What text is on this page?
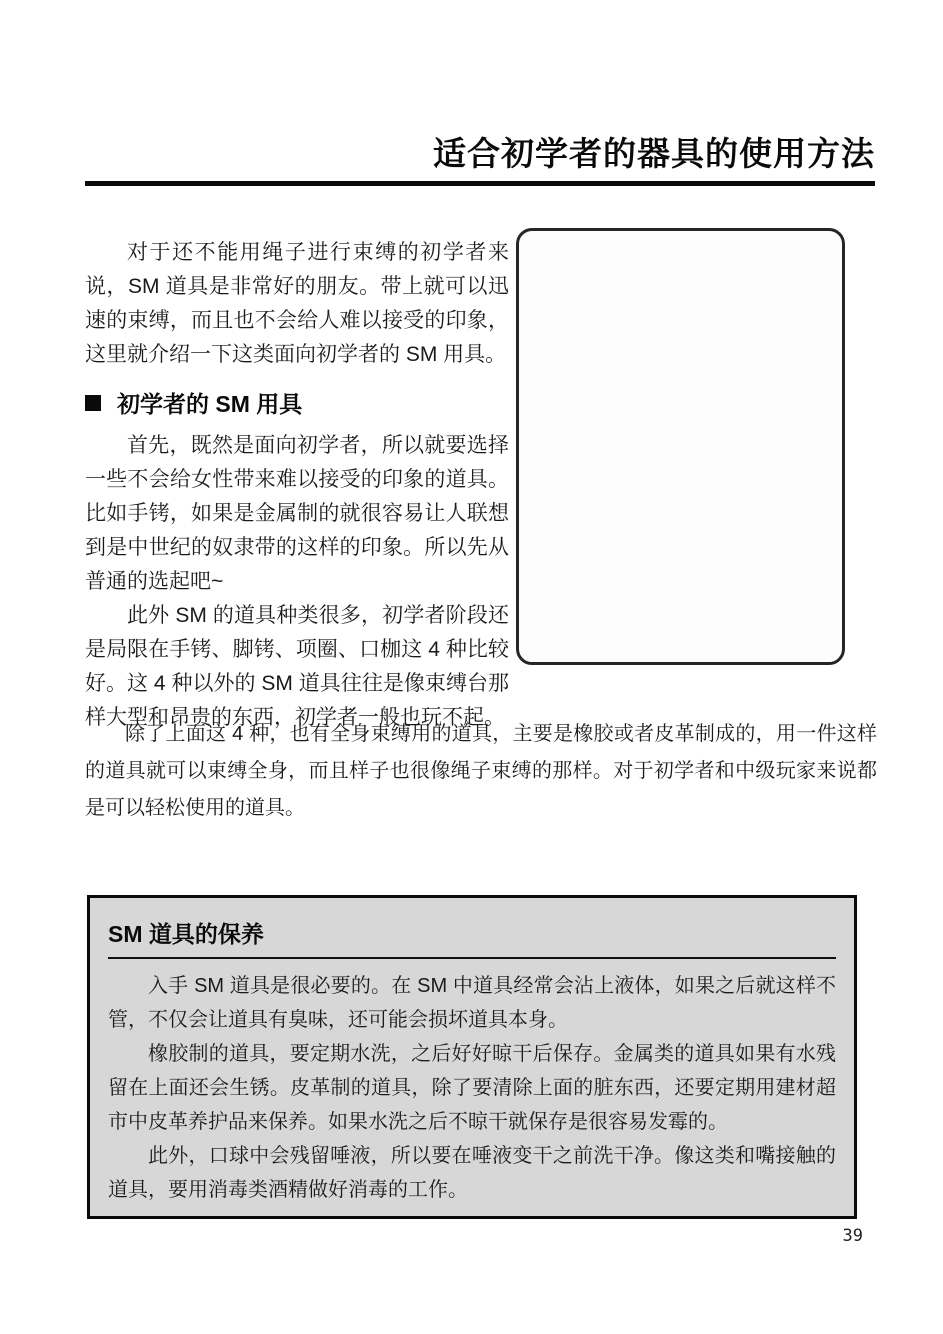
适合初学者的器具的使用方法

对于还不能用绳子进行束缚的初学者来说，SM 道具是非常好的朋友。带上就可以迅速的束缚，而且也不会给人难以接受的印象，这里就介绍一下这类面向初学者的 SM 用具。

初学者的 SM 用具

首先，既然是面向初学者，所以就要选择一些不会给女性带来难以接受的印象的道具。比如手铐，如果是金属制的就很容易让人联想到是中世纪的奴隶带的这样的印象。所以先从普通的选起吧~

此外 SM 的道具种类很多，初学者阶段还是局限在手铐、脚铐、项圈、口枷这 4 种比较好。这 4 种以外的 SM 道具往往是像束缚台那样大型和昂贵的东西，初学者一般也玩不起。

除了上面这 4 种，也有全身束缚用的道具，主要是橡胶或者皮革制成的，用一件这样的道具就可以束缚全身，而且样子也很像绳子束缚的那样。对于初学者和中级玩家来说都是可以轻松使用的道具。

SM 道具的保养

入手 SM 道具是很必要的。在 SM 中道具经常会沾上液体，如果之后就这样不管，不仅会让道具有臭味，还可能会损坏道具本身。

橡胶制的道具，要定期水洗，之后好好晾干后保存。金属类的道具如果有水残留在上面还会生锈。皮革制的道具，除了要清除上面的脏东西，还要定期用建材超市中皮革养护品来保养。如果水洗之后不晾干就保存是很容易发霉的。

此外，口球中会残留唾液，所以要在唾液变干之前洗干净。像这类和嘴接触的道具，要用消毒类酒精做好消毒的工作。

39
